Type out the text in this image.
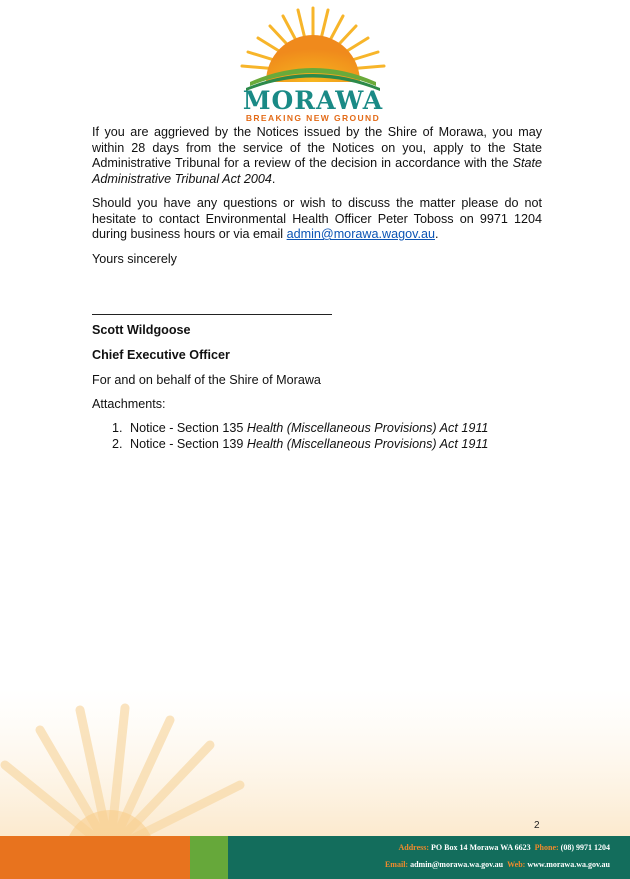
MORAWA
BREAKING NEW GROUND

If you are aggrieved by the Notices issued by the Shire of Morawa, you may within 28 days from the service of the Notices on you, apply to the State Administrative Tribunal for a review of the decision in accordance with the State Administrative Tribunal Act 2004.

Should you have any questions or wish to discuss the matter please do not hesitate to contact Environmental Health Officer Peter Toboss on 9971 1204 during business hours or via email admin@morawa.wagov.au.

Yours sincerely

Scott Wildgoose

Chief Executive Officer

For and on behalf of the Shire of Morawa

Attachments:

1. Notice - Section 135 Health (Miscellaneous Provisions) Act 1911
2. Notice - Section 139 Health (Miscellaneous Provisions) Act 1911
2
Address: PO Box 14 Morawa WA 6623 Phone: (08) 9971 1204
Email: admin@morawa.wa.gov.au Web: www.morawa.wa.gov.au
